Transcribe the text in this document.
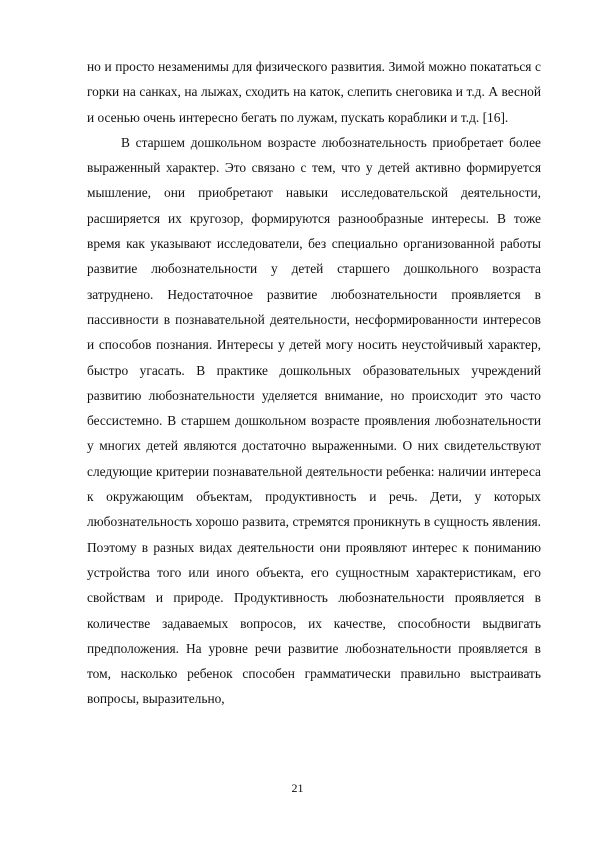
но и просто незаменимы для физического развития. Зимой можно покататься с горки на санках, на лыжах, сходить на каток, слепить снеговика и т.д. А весной и осенью очень интересно бегать по лужам, пускать кораблики и т.д. [16].

В старшем дошкольном возрасте любознательность приобретает более выраженный характер. Это связано с тем, что у детей активно формируется мышление, они приобретают навыки исследовательской деятельности, расширяется их кругозор, формируются разнообразные интересы. В тоже время как указывают исследователи, без специально организованной работы развитие любознательности у детей старшего дошкольного возраста затруднено. Недостаточное развитие любознательности проявляется в пассивности в познавательной деятельности, несформированности интересов и способов познания. Интересы у детей могу носить неустойчивый характер, быстро угасать. В практике дошкольных образовательных учреждений развитию любознательности уделяется внимание, но происходит это часто бессистемно. В старшем дошкольном возрасте проявления любознательности у многих детей являются достаточно выраженными. О них свидетельствуют следующие критерии познавательной деятельности ребенка: наличии интереса к окружающим объектам, продуктивность и речь. Дети, у которых любознательность хорошо развита, стремятся проникнуть в сущность явления. Поэтому в разных видах деятельности они проявляют интерес к пониманию устройства того или иного объекта, его сущностным характеристикам, его свойствам и природе. Продуктивность любознательности проявляется в количестве задаваемых вопросов, их качестве, способности выдвигать предположения. На уровне речи развитие любознательности проявляется в том, насколько ребенок способен грамматически правильно выстраивать вопросы, выразительно,

21
